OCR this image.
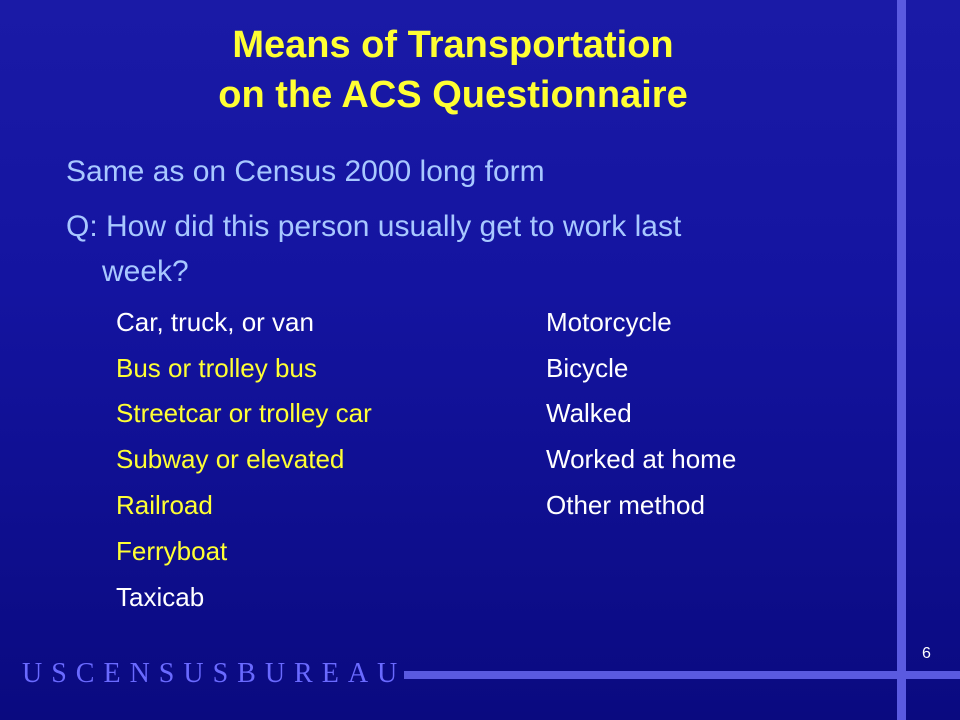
Means of Transportation
on the ACS Questionnaire
Same as on Census 2000 long form
Q: How did this person usually get to work last
week?
Car, truck, or van
Bus or trolley bus
Streetcar or trolley car
Subway or elevated
Railroad
Ferryboat
Taxicab
Motorcycle
Bicycle
Walked
Worked at home
Other method
USCENSUSBUREAU
6
